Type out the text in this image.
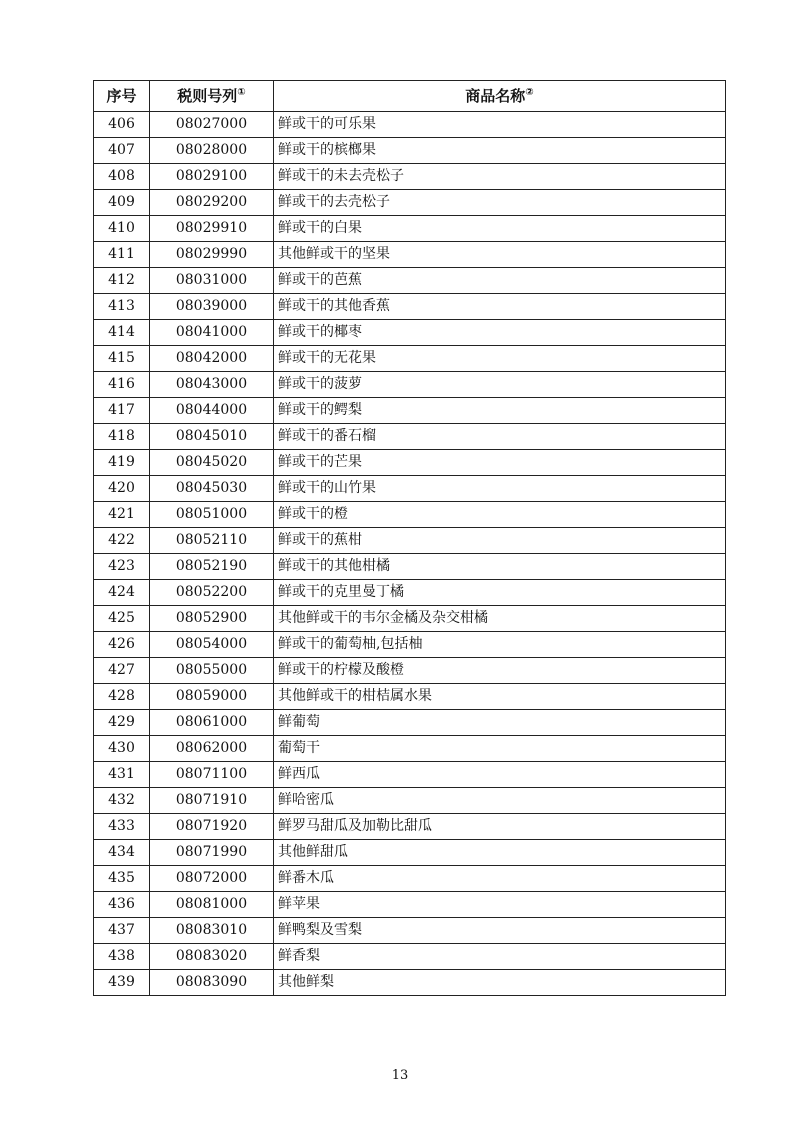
序号	税则号列①	商品名称②
406	08027000	鲜或干的可乐果
407	08028000	鲜或干的槟榔果
408	08029100	鲜或干的未去壳松子
409	08029200	鲜或干的去壳松子
410	08029910	鲜或干的白果
411	08029990	其他鲜或干的坚果
412	08031000	鲜或干的芭蕉
413	08039000	鲜或干的其他香蕉
414	08041000	鲜或干的椰枣
415	08042000	鲜或干的无花果
416	08043000	鲜或干的菠萝
417	08044000	鲜或干的鳄梨
418	08045010	鲜或干的番石榴
419	08045020	鲜或干的芒果
420	08045030	鲜或干的山竹果
421	08051000	鲜或干的橙
422	08052110	鲜或干的蕉柑
423	08052190	鲜或干的其他柑橘
424	08052200	鲜或干的克里曼丁橘
425	08052900	其他鲜或干的韦尔金橘及杂交柑橘
426	08054000	鲜或干的葡萄柚,包括柚
427	08055000	鲜或干的柠檬及酸橙
428	08059000	其他鲜或干的柑桔属水果
429	08061000	鲜葡萄
430	08062000	葡萄干
431	08071100	鲜西瓜
432	08071910	鲜哈密瓜
433	08071920	鲜罗马甜瓜及加勒比甜瓜
434	08071990	其他鲜甜瓜
435	08072000	鲜番木瓜
436	08081000	鲜苹果
437	08083010	鲜鸭梨及雪梨
438	08083020	鲜香梨
439	08083090	其他鲜梨
13
